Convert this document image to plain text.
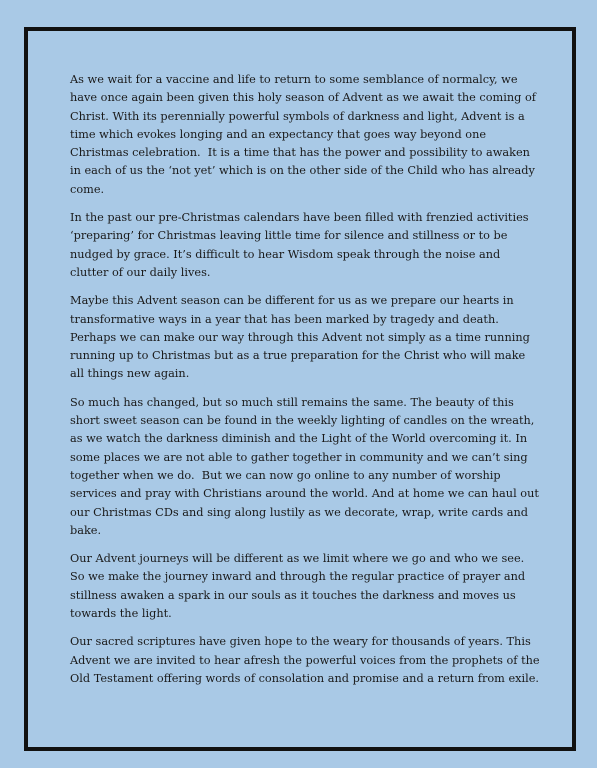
As we wait for a vaccine and life to return to some semblance of normalcy, we have once again been given this holy season of Advent as we await the coming of Christ. With its perennially powerful symbols of darkness and light, Advent is a time which evokes longing and an expectancy that goes way beyond one Christmas celebration.  It is a time that has the power and possibility to awaken in each of us the ‘not yet’ which is on the other side of the Child who has already come.

In the past our pre-Christmas calendars have been filled with frenzied activities ‘preparing’ for Christmas leaving little time for silence and stillness or to be nudged by grace. It’s difficult to hear Wisdom speak through the noise and clutter of our daily lives.

Maybe this Advent season can be different for us as we prepare our hearts in transformative ways in a year that has been marked by tragedy and death. Perhaps we can make our way through this Advent not simply as a time running running up to Christmas but as a true preparation for the Christ who will make all things new again.

So much has changed, but so much still remains the same. The beauty of this short sweet season can be found in the weekly lighting of candles on the wreath, as we watch the darkness diminish and the Light of the World overcoming it. In some places we are not able to gather together in community and we can’t sing together when we do.  But we can now go online to any number of worship services and pray with Christians around the world. And at home we can haul out our Christmas CDs and sing along lustily as we decorate, wrap, write cards and bake.

Our Advent journeys will be different as we limit where we go and who we see. So we make the journey inward and through the regular practice of prayer and stillness awaken a spark in our souls as it touches the darkness and moves us towards the light.

Our sacred scriptures have given hope to the weary for thousands of years. This Advent we are invited to hear afresh the powerful voices from the prophets of the Old Testament offering words of consolation and promise and a return from exile.
